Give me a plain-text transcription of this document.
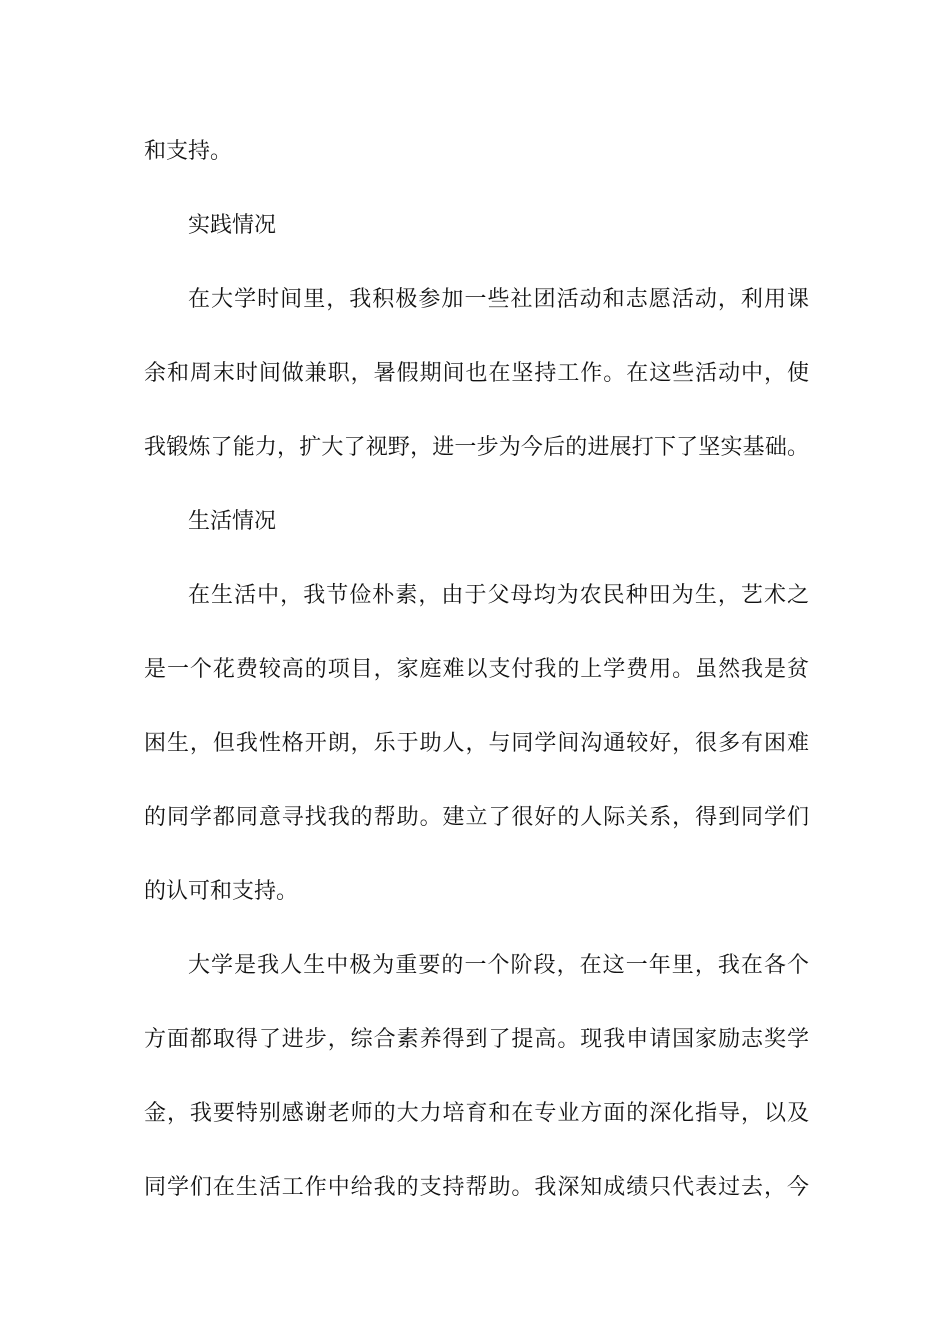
和支持。
实践情况
在大学时间里，我积极参加一些社团活动和志愿活动，利用课
余和周末时间做兼职，暑假期间也在坚持工作。在这些活动中，使
我锻炼了能力，扩大了视野，进一步为今后的进展打下了坚实基础。
生活情况
在生活中，我节俭朴素，由于父母均为农民种田为生，艺术之
是一个花费较高的项目，家庭难以支付我的上学费用。虽然我是贫
困生，但我性格开朗，乐于助人，与同学间沟通较好，很多有困难
的同学都同意寻找我的帮助。建立了很好的人际关系，得到同学们
的认可和支持。
大学是我人生中极为重要的一个阶段，在这一年里，我在各个
方面都取得了进步，综合素养得到了提高。现我申请国家励志奖学
金，我要特别感谢老师的大力培育和在专业方面的深化指导，以及
同学们在生活工作中给我的支持帮助。我深知成绩只代表过去，今
